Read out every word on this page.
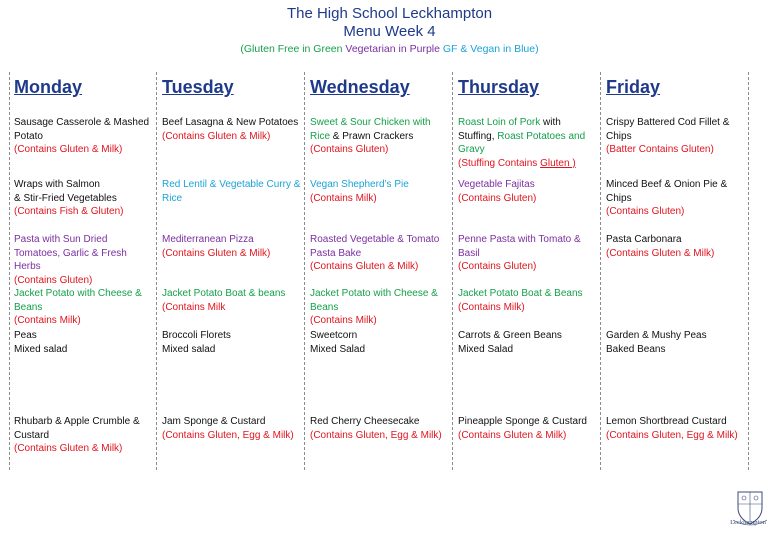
The High School Leckhampton
Menu Week 4
(Gluten Free in Green Vegetarian in Purple GF & Vegan in Blue)
Monday
Sausage Casserole & Mashed Potato
(Contains Gluten & Milk)
Wraps with Salmon
& Stir-Fried Vegetables
(Contains Fish & Gluten)
Pasta with Sun Dried Tomatoes, Garlic & Fresh Herbs
(Contains Gluten)
Jacket Potato with Cheese & Beans
(Contains Milk)
Peas
Mixed salad
Rhubarb & Apple Crumble & Custard
(Contains Gluten & Milk)
Tuesday
Beef Lasagna & New Potatoes
(Contains Gluten & Milk)
Red Lentil & Vegetable Curry & Rice
Mediterranean Pizza
(Contains Gluten & Milk)
Jacket Potato Boat & beans
(Contains Milk
Broccoli Florets
Mixed salad
Jam Sponge & Custard
(Contains Gluten, Egg & Milk)
Wednesday
Sweet & Sour Chicken with Rice & Prawn Crackers
(Contains Gluten)
Vegan Shepherd’s Pie
(Contains Milk)
Roasted Vegetable & Tomato Pasta Bake
(Contains Gluten & Milk)
Jacket Potato with Cheese & Beans
(Contains Milk)
Sweetcorn
Mixed Salad
Red Cherry Cheesecake
(Contains Gluten, Egg & Milk)
Thursday
Roast Loin of Pork with Stuffing, Roast Potatoes and Gravy
(Stuffing Contains Gluten )
Vegetable Fajitas
(Contains Gluten)
Penne Pasta with Tomato & Basil
(Contains Gluten)
Jacket Potato Boat & Beans
(Contains Milk)
Carrots & Green Beans
Mixed Salad
Pineapple Sponge & Custard
(Contains Gluten & Milk)
Friday
Crispy Battered Cod Fillet & Chips
(Batter Contains Gluten)
Minced Beef & Onion Pie & Chips
(Contains Gluten)
Pasta Carbonara
(Contains Gluten & Milk)
Garden & Mushy Peas
Baked Beans
Lemon Shortbread Custard
(Contains Gluten, Egg & Milk)
Leckhampton
